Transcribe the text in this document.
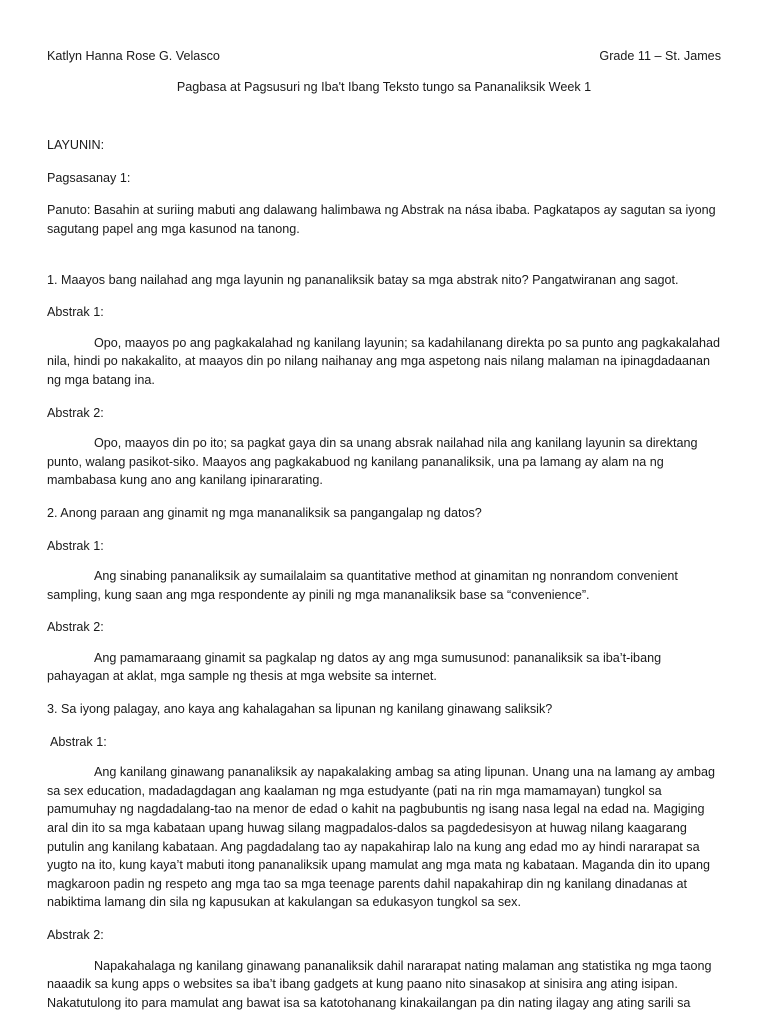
Katlyn Hanna Rose G. Velasco	Grade 11 – St. James
Pagbasa at Pagsusuri ng Iba't Ibang Teksto tungo sa Pananaliksik Week 1

LAYUNIN:

Pagsasanay 1:

Panuto: Basahin at suriing mabuti ang dalawang halimbawa ng Abstrak na nása ibaba. Pagkatapos ay sagutan sa iyong sagutang papel ang mga kasunod na tanong.

1. Maayos bang nailahad ang mga layunin ng pananaliksik batay sa mga abstrak nito? Pangatwiranan ang sagot.

Abstrak 1:

Opo, maayos po ang pagkakalahad ng kanilang layunin; sa kadahilanang direkta po sa punto ang pagkakalahad nila, hindi po nakakalito, at maayos din po nilang naihanay ang mga aspetong nais nilang malaman na ipinagdadaanan ng mga batang ina.

Abstrak 2:

Opo, maayos din po ito; sa pagkat gaya din sa unang absrak nailahad nila ang kanilang layunin sa direktang punto, walang pasikot-siko. Maayos ang pagkakabuod ng kanilang pananaliksik, una pa lamang ay alam na ng mambabasa kung ano ang kanilang ipinararating.

2. Anong paraan ang ginamit ng mga mananaliksik sa pangangalap ng datos?

Abstrak 1:

Ang sinabing pananaliksik ay sumailalaim sa quantitative method at ginamitan ng nonrandom convenient sampling, kung saan ang mga respondente ay pinili ng mga mananaliksik base sa “convenience”.

Abstrak 2:

Ang pamamaraang ginamit sa pagkalap ng datos ay ang mga sumusunod: pananaliksik sa iba’t-ibang pahayagan at aklat, mga sample ng thesis at mga website sa internet.

3. Sa iyong palagay, ano kaya ang kahalagahan sa lipunan ng kanilang ginawang saliksik?

Abstrak 1:

Ang kanilang ginawang pananaliksik ay napakalaking ambag sa ating lipunan. Unang una na lamang ay ambag sa sex education, madadagdagan ang kaalaman ng mga estudyante (pati na rin mga mamamayan) tungkol sa pamumuhay ng nagdadalang-tao na menor de edad o kahit na pagbubuntis ng isang nasa legal na edad na. Magiging aral din ito sa mga kabataan upang huwag silang magpadalos-dalos sa pagdedesisyon at huwag nilang kaagarang putulin ang kanilang kabataan. Ang pagdadalang tao ay napakahirap lalo na kung ang edad mo ay hindi nararapat sa yugto na ito, kung kaya’t mabuti itong pananaliksik upang mamulat ang mga mata ng kabataan. Maganda din ito upang magkaroon padin ng respeto ang mga tao sa mga teenage parents dahil napakahirap din ng kanilang dinadanas at nabiktima lamang din sila ng kapusukan at kakulangan sa edukasyon tungkol sa sex.

Abstrak 2:

Napakahalaga ng kanilang ginawang pananaliksik dahil nararapat nating malaman ang statistika ng mga taong naaadik sa kung apps o websites sa iba’t ibang gadgets at kung paano nito sinasakop at sinisira ang ating isipan. Nakatutulong ito para mamulat ang bawat isa sa katotohanang kinakailangan pa din nating ilagay ang ating sarili sa
